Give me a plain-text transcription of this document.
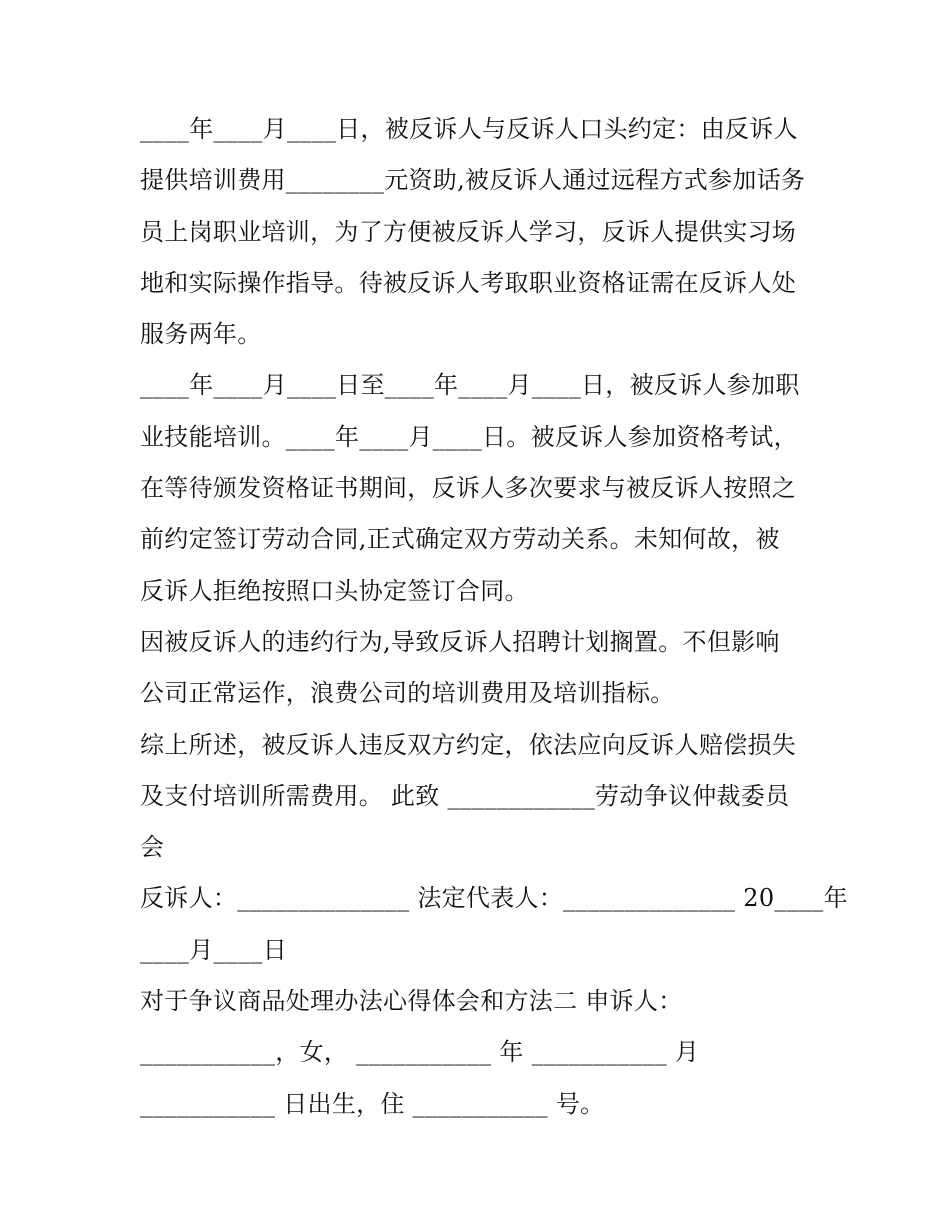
____年____月____日，被反诉人与反诉人口头约定：由反诉人
提供培训费用________元资助,被反诉人通过远程方式参加话务
员上岗职业培训，为了方便被反诉人学习，反诉人提供实习场
地和实际操作指导。待被反诉人考取职业资格证需在反诉人处
服务两年。
____年____月____日至____年____月____日，被反诉人参加职
业技能培训。____年____月____日。被反诉人参加资格考试，
在等待颁发资格证书期间，反诉人多次要求与被反诉人按照之
前约定签订劳动合同,正式确定双方劳动关系。未知何故，被
反诉人拒绝按照口头协定签订合同。
因被反诉人的违约行为,导致反诉人招聘计划搁置。不但影响
公司正常运作，浪费公司的培训费用及培训指标。
综上所述，被反诉人违反双方约定，依法应向反诉人赔偿损失
及支付培训所需费用。 此致 ____________劳动争议仲裁委员
会
反诉人：______________ 法定代表人：______________ 20____年
____月____日
对于争议商品处理办法心得体会和方法二 申诉人：
___________，女， ___________ 年 ___________ 月
___________ 日出生，住 ___________ 号。
